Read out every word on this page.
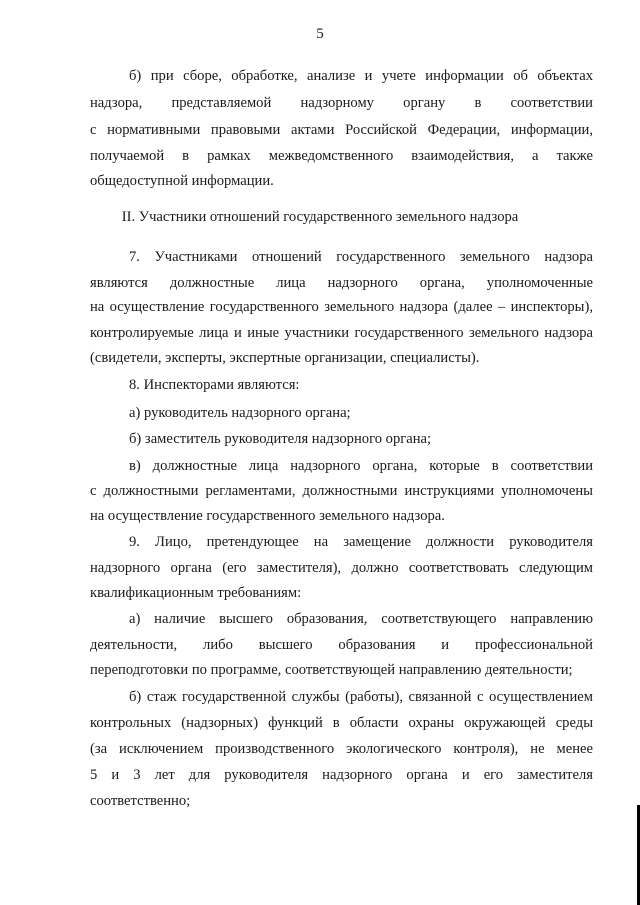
5
б) при сборе, обработке, анализе и учете информации об объектах
надзора, представляемой надзорному органу в соответствии
с нормативными правовыми актами Российской Федерации, информации,
получаемой в рамках межведомственного взаимодействия, а также
общедоступной информации.
II. Участники отношений государственного земельного надзора
7. Участниками отношений государственного земельного надзора
являются должностные лица надзорного органа, уполномоченные
на осуществление государственного земельного надзора (далее – инспекторы),
контролируемые лица и иные участники государственного земельного надзора
(свидетели, эксперты, экспертные организации, специалисты).
8. Инспекторами являются:
а) руководитель надзорного органа;
б) заместитель руководителя надзорного органа;
в) должностные лица надзорного органа, которые в соответствии
с должностными регламентами, должностными инструкциями уполномочены
на осуществление государственного земельного надзора.
9. Лицо, претендующее на замещение должности руководителя
надзорного органа (его заместителя), должно соответствовать следующим
квалификационным требованиям:
а) наличие высшего образования, соответствующего направлению
деятельности, либо высшего образования и профессиональной
переподготовки по программе, соответствующей направлению деятельности;
б) стаж государственной службы (работы), связанной с осуществлением
контрольных (надзорных) функций в области охраны окружающей среды
(за исключением производственного экологического контроля), не менее
5 и 3 лет для руководителя надзорного органа и его заместителя
соответственно;
